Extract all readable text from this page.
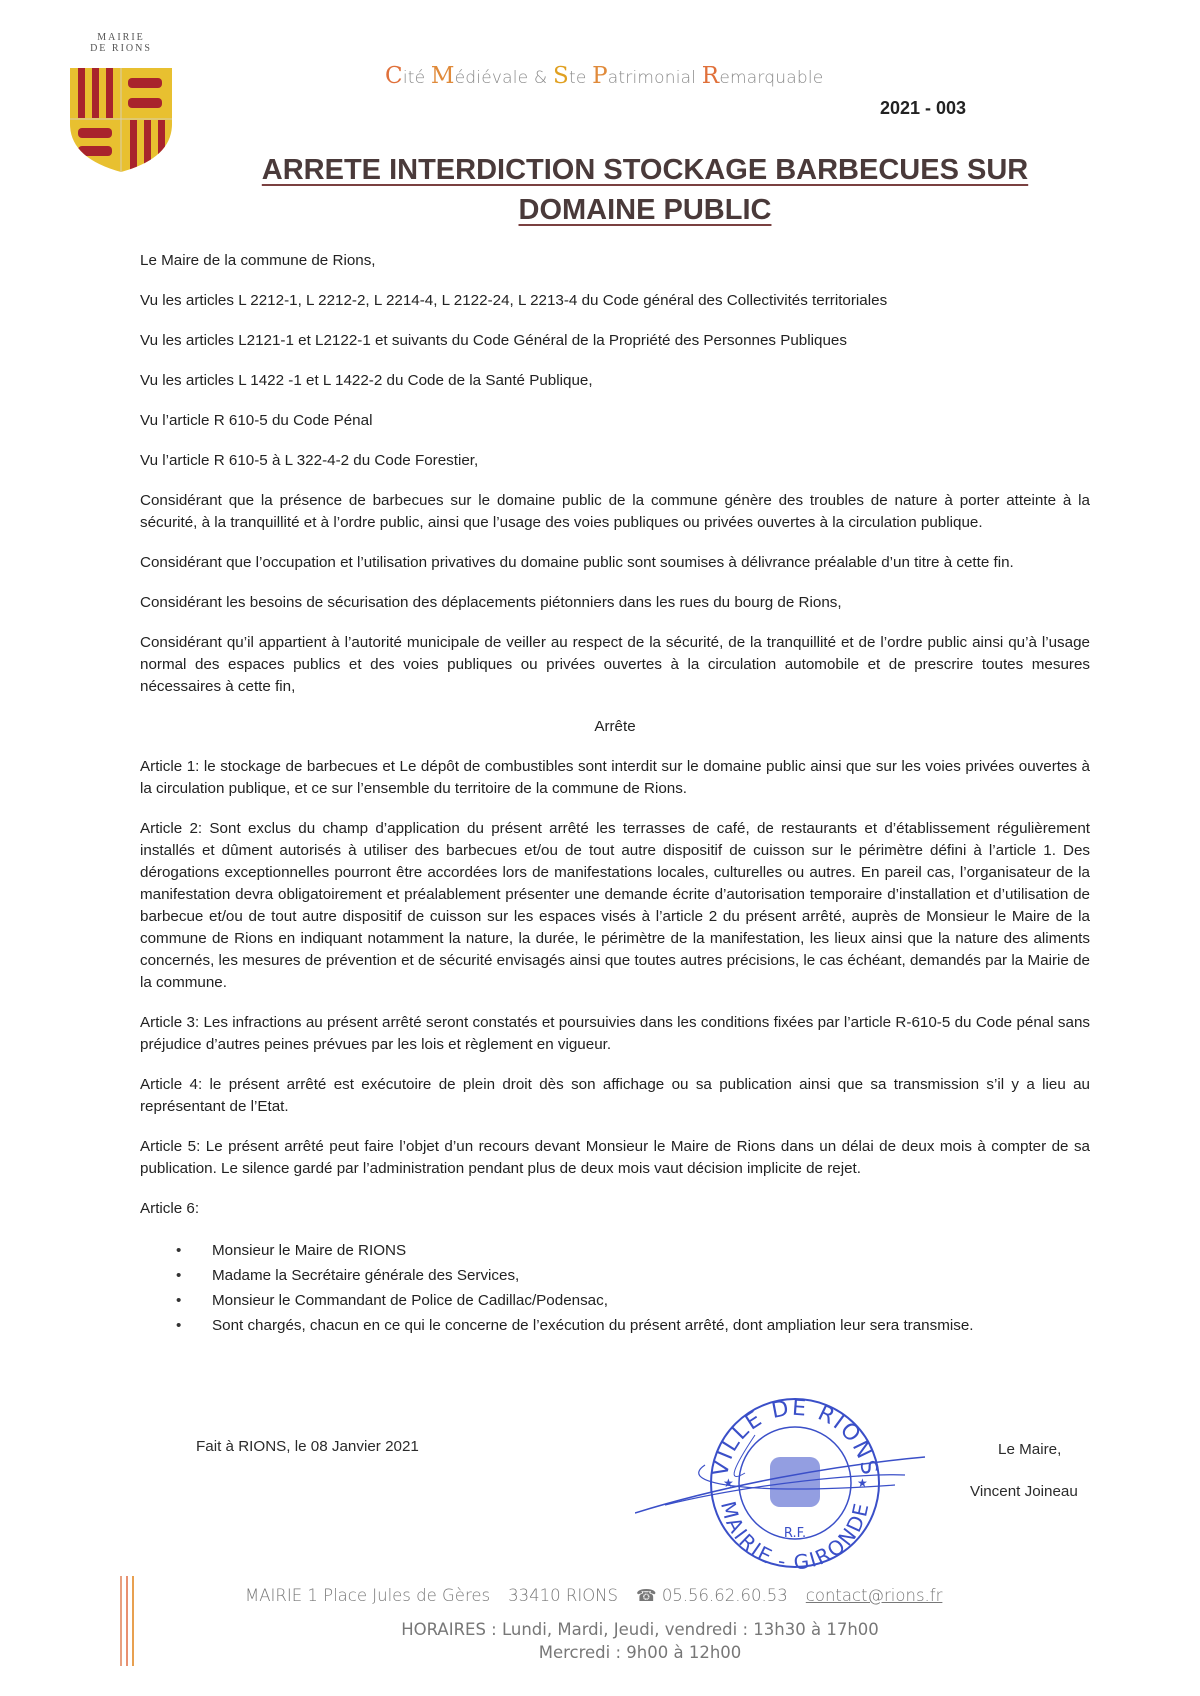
MAIRIE
DE RIONS
Cité Médiévale & Ste Patrimonial Remarquable
2021 - 003
ARRETE INTERDICTION STOCKAGE BARBECUES SUR
DOMAINE PUBLIC

Le Maire de la commune de Rions,

Vu les articles L 2212-1, L 2212-2, L 2214-4, L 2122-24, L 2213-4 du Code général des Collectivités territoriales

Vu les articles L2121-1 et L2122-1 et suivants du Code Général de la Propriété des Personnes Publiques

Vu les articles L 1422 -1 et L 1422-2 du Code de la Santé Publique,

Vu l’article R 610-5 du Code Pénal

Vu l’article R 610-5 à L 322-4-2 du Code Forestier,

Considérant que la présence de barbecues sur le domaine public de la commune génère des troubles de nature à porter atteinte à la sécurité, à la tranquillité et à l’ordre public, ainsi que l’usage des voies publiques ou privées ouvertes à la circulation publique.

Considérant que l’occupation et l’utilisation privatives du domaine public sont soumises à délivrance préalable d’un titre à cette fin.

Considérant les besoins de sécurisation des déplacements piétonniers dans les rues du bourg de Rions,

Considérant qu’il appartient à l’autorité municipale de veiller au respect de la sécurité, de la tranquillité et de l’ordre public ainsi qu’à l’usage normal des espaces publics et des voies publiques ou privées ouvertes à la circulation automobile et de prescrire toutes mesures nécessaires à cette fin,

Arrête

Article 1: le stockage de barbecues et Le dépôt de combustibles sont interdit sur le domaine public ainsi que sur les voies privées ouvertes à la circulation publique, et ce sur l’ensemble du territoire de la commune de Rions.

Article 2: Sont exclus du champ d’application du présent arrêté les terrasses de café, de restaurants et d’établissement régulièrement installés et dûment autorisés à utiliser des barbecues et/ou de tout autre dispositif de cuisson sur le périmètre défini à l’article 1. Des dérogations exceptionnelles pourront être accordées lors de manifestations locales, culturelles ou autres. En pareil cas, l’organisateur de la manifestation devra obligatoirement et préalablement présenter une demande écrite d’autorisation temporaire d’installation et d’utilisation de barbecue et/ou de tout autre dispositif de cuisson sur les espaces visés à l’article 2 du présent arrêté, auprès de Monsieur le Maire de la commune de Rions en indiquant notamment la nature, la durée, le périmètre de la manifestation, les lieux ainsi que la nature des aliments concernés, les mesures de prévention et de sécurité envisagés ainsi que toutes autres précisions, le cas échéant, demandés par la Mairie de la commune.

Article 3: Les infractions au présent arrêté seront constatés et poursuivies dans les conditions fixées par l’article R-610-5 du Code pénal sans préjudice d’autres peines prévues par les lois et règlement en vigueur.

Article 4: le présent arrêté est exécutoire de plein droit dès son affichage ou sa publication ainsi que sa transmission s’il y a lieu au représentant de l’Etat.

Article 5: Le présent arrêté peut faire l’objet d’un recours devant Monsieur le Maire de Rions dans un délai de deux mois à compter de sa publication. Le silence gardé par l’administration pendant plus de deux mois vaut décision implicite de rejet.

Article 6:

• Monsieur le Maire de RIONS
• Madame la Secrétaire générale des Services,
• Monsieur le Commandant de Police de Cadillac/Podensac,
• Sont chargés, chacun en ce qui le concerne de l’exécution du présent arrêté, dont ampliation leur sera transmise.
Fait à RIONS, le 08 Janvier 2021
VILLE DE RIONS
MAIRIE - GIRONDE
R.F.
★	★
Le Maire,
Vincent Joineau
MAIRIE 1 Place Jules de Gères 33410 RIONS ☎ 05.56.62.60.53 contact@rions.fr
HORAIRES : Lundi, Mardi, Jeudi, vendredi : 13h30 à 17h00
Mercredi : 9h00 à 12h00
